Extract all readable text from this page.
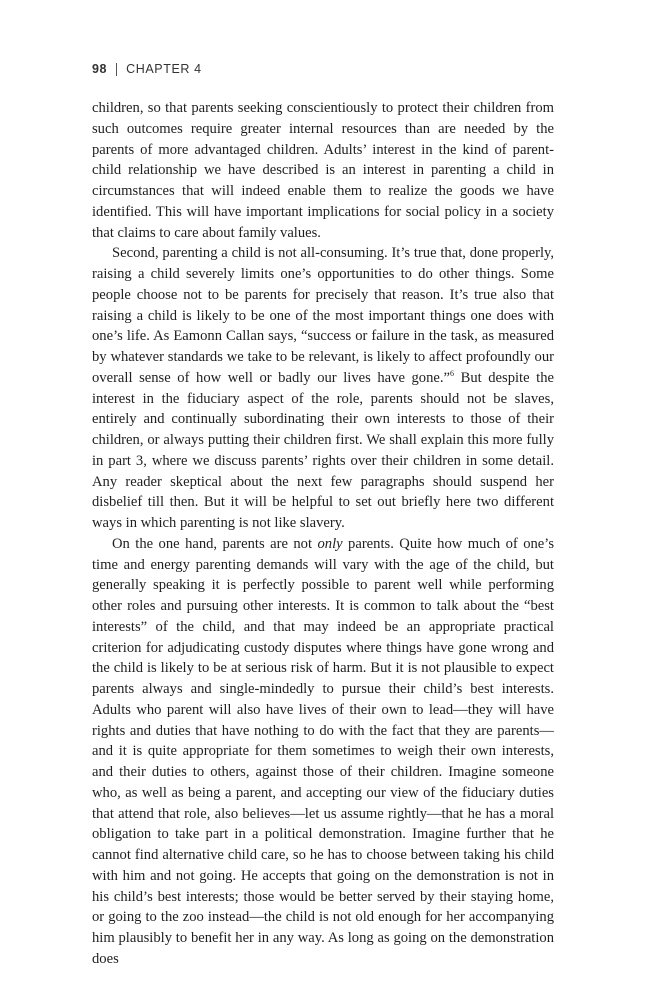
98 CHAPTER 4

children, so that parents seeking conscientiously to protect their children from such outcomes require greater internal resources than are needed by the parents of more advantaged children. Adults’ interest in the kind of parent-child relationship we have described is an interest in parenting a child in circumstances that will indeed enable them to realize the goods we have identified. This will have important implications for social policy in a society that claims to care about family values.

Second, parenting a child is not all-consuming. It’s true that, done properly, raising a child severely limits one’s opportunities to do other things. Some people choose not to be parents for precisely that reason. It’s true also that raising a child is likely to be one of the most important things one does with one’s life. As Eamonn Callan says, “success or failure in the task, as measured by whatever standards we take to be relevant, is likely to affect profoundly our overall sense of how well or badly our lives have gone.”$^6$ But despite the interest in the fiduciary aspect of the role, parents should not be slaves, entirely and continually subordinating their own interests to those of their children, or always putting their children first. We shall explain this more fully in part 3, where we discuss parents’ rights over their children in some detail. Any reader skeptical about the next few paragraphs should suspend her disbelief till then. But it will be helpful to set out briefly here two different ways in which parenting is not like slavery.

On the one hand, parents are not only parents. Quite how much of one’s time and energy parenting demands will vary with the age of the child, but generally speaking it is perfectly possible to parent well while performing other roles and pursuing other interests. It is common to talk about the “best interests” of the child, and that may indeed be an appropriate practical criterion for adjudicating custody disputes where things have gone wrong and the child is likely to be at serious risk of harm. But it is not plausible to expect parents always and single-mindedly to pursue their child’s best interests. Adults who parent will also have lives of their own to lead—they will have rights and duties that have nothing to do with the fact that they are parents—and it is quite appropriate for them sometimes to weigh their own interests, and their duties to others, against those of their children. Imagine someone who, as well as being a parent, and accepting our view of the fiduciary duties that attend that role, also believes—let us assume rightly—that he has a moral obligation to take part in a political demonstration. Imagine further that he cannot find alternative child care, so he has to choose between taking his child with him and not going. He accepts that going on the demonstration is not in his child’s best interests; those would be better served by their staying home, or going to the zoo instead—the child is not old enough for her accompanying him plausibly to benefit her in any way. As long as going on the demonstration does
